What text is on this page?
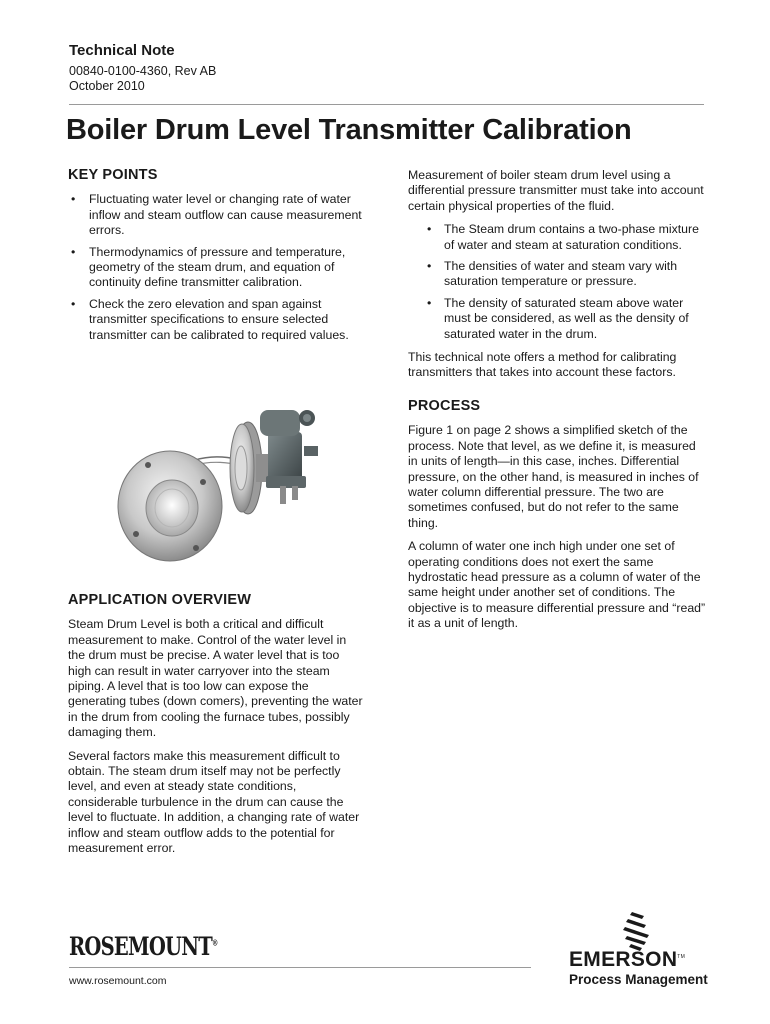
Technical Note
00840-0100-4360, Rev AB
October 2010
Boiler Drum Level Transmitter Calibration
KEY POINTS
• Fluctuating water level or changing rate of water inflow and steam outflow can cause measurement errors.
• Thermodynamics of pressure and temperature, geometry of the steam drum, and equation of continuity define transmitter calibration.
• Check the zero elevation and span against transmitter specifications to ensure selected transmitter can be calibrated to required values.
APPLICATION OVERVIEW

Steam Drum Level is both a critical and difficult measurement to make. Control of the water level in the drum must be precise. A water level that is too high can result in water carryover into the steam piping. A level that is too low can expose the generating tubes (down comers), preventing the water in the drum from cooling the furnace tubes, possibly damaging them.

Several factors make this measurement difficult to obtain. The steam drum itself may not be perfectly level, and even at steady state conditions, considerable turbulence in the drum can cause the level to fluctuate. In addition, a changing rate of water inflow and steam outflow adds to the potential for measurement error.

Measurement of boiler steam drum level using a differential pressure transmitter must take into account certain physical properties of the fluid.

• The Steam drum contains a two-phase mixture of water and steam at saturation conditions.
• The densities of water and steam vary with saturation temperature or pressure.
• The density of saturated steam above water must be considered, as well as the density of saturated water in the drum.

This technical note offers a method for calibrating transmitters that takes into account these factors.

PROCESS

Figure 1 on page 2 shows a simplified sketch of the process. Note that level, as we define it, is measured in units of length—in this case, inches. Differential pressure, on the other hand, is measured in inches of water column differential pressure. The two are sometimes confused, but do not refer to the same thing.

A column of water one inch high under one set of operating conditions does not exert the same hydrostatic head pressure as a column of water of the same height under another set of conditions. The objective is to measure differential pressure and “read” it as a unit of length.

ROSEMOUNT®
www.rosemount.com
EMERSON™
Process Management
